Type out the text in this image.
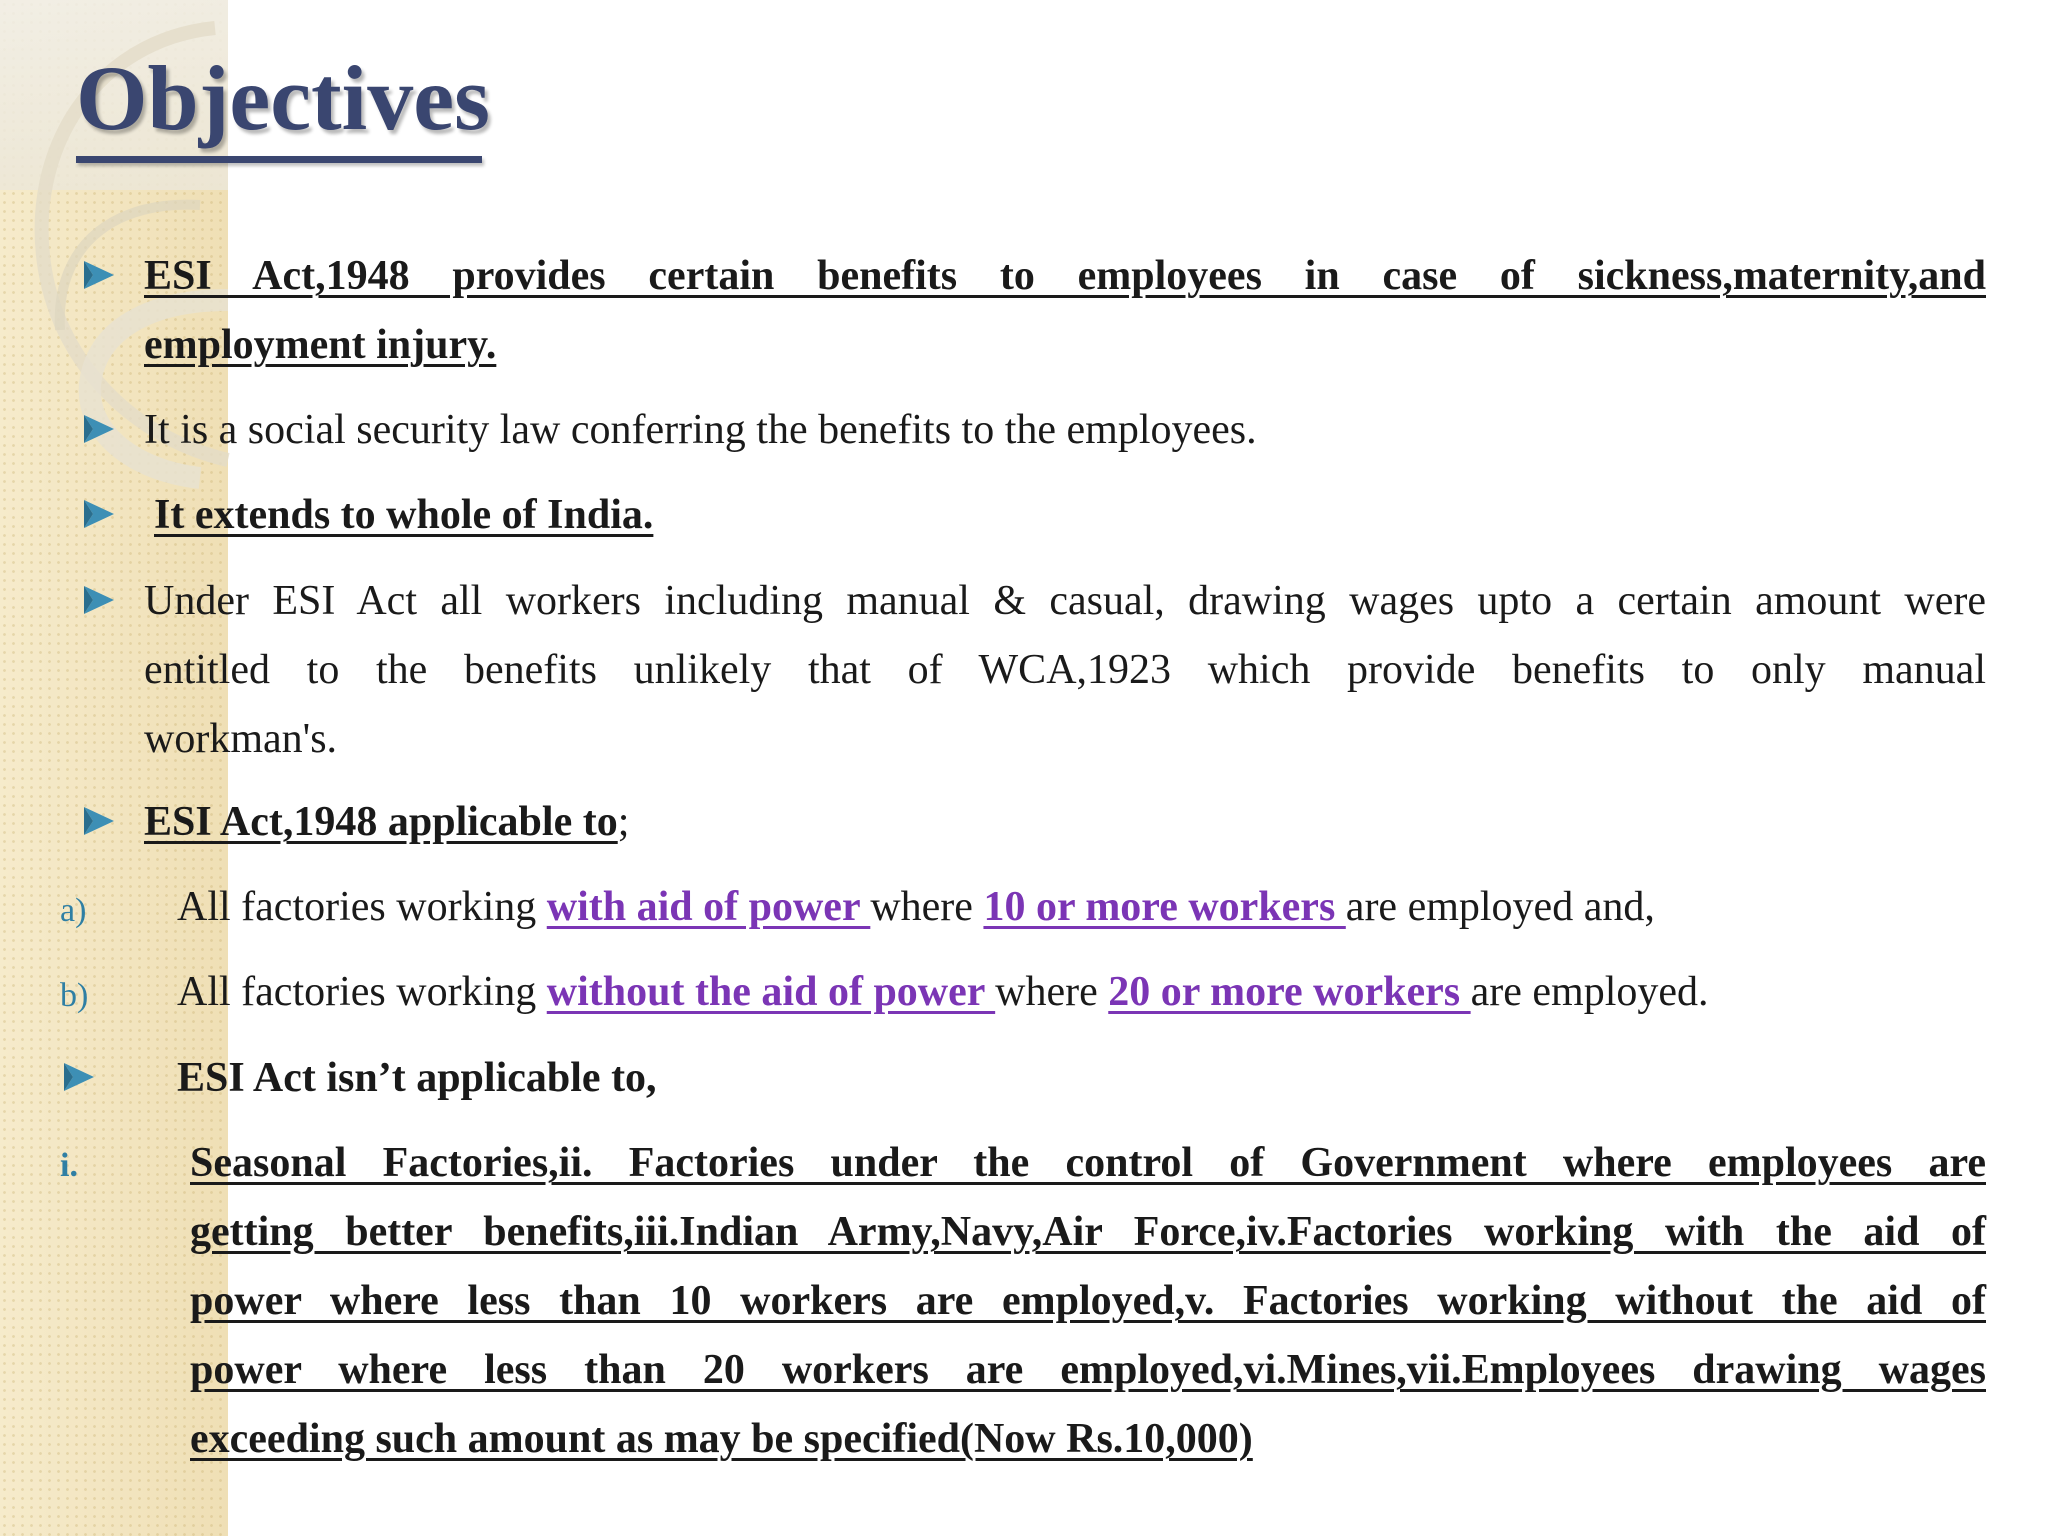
Objectives
ESI Act,1948 provides certain benefits to employees in case of sickness,maternity,and
employment injury.
It is a social security law conferring the benefits to the employees.
It extends to whole of India.
Under ESI Act all workers including manual & casual, drawing wages upto a certain amount were
entitled to the benefits unlikely that of WCA,1923 which provide benefits to only manual
workman's.
ESI Act,1948 applicable to;
a) All factories working with aid of power where 10 or more workers are employed and,
b) All factories working without the aid of power where 20 or more workers are employed.
ESI Act isn’t applicable to,
i.	Seasonal Factories,ii. Factories under the control of Government where employees are
getting better benefits,iii.Indian Army,Navy,Air Force,iv.Factories working with the aid of
power where less than 10 workers are employed,v. Factories working without the aid of
power where less than 20 workers are employed,vi.Mines,vii.Employees drawing wages
exceeding such amount as may be specified(Now Rs.10,000)
